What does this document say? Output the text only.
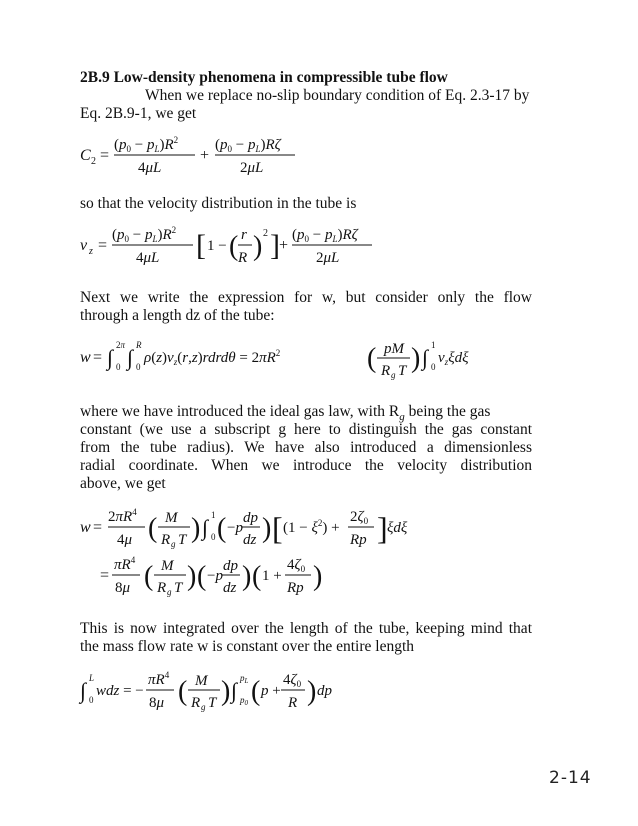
2B.9 Low-density phenomena in compressible tube flow

When we replace no-slip boundary condition of Eq. 2.3-17 by

Eq. 2B.9-1, we get

C 2 =
$(p_0 - p_L)R^2$
4μL
+
$(p_0 - p_L)R\zeta$
2μL

so that the velocity distribution in the tube is

v z =
$(p_0 - p_L)R^2$
4μL [ 1 − ( r
R ) 2 ] +
$(p_0 - p_L)R\zeta$
2μL

Next we write the expression for w, but consider only the flow

through a length dz of the tube:

w = ∫ 2π
0 ∫ R
0
$\rho(z)v_z(r,z)rdrd\theta = 2\pi R^2$	( pM
R g T ) ∫ 1
0
$v_z\xi d\xi$

where we have introduced the ideal gas law, with $R_g$ being the gas

constant (we use a subscript g here to distinguish the gas constant

from the tube radius). We have also introduced a dimensionless

radial coordinate. When we introduce the velocity distribution

above, we get

w =
$2\pi R^4$
4μ ( M
R g T ) ∫ 1
0 ( −p
dp
dz ) [ $(1 - \xi^2)$ +
$2\zeta_0$
Rp ] ξdξ
=
$\pi R^4$
8μ ( M
R g T ) ( −p
dp
dz ) ( 1 +
$4\zeta_0$
Rp )

This is now integrated over the length of the tube, keeping mind that

the mass flow rate w is constant over the entire length

∫ L
0
wdz = −
$\pi R^4$
8μ ( M
R g T ) ∫ $p_L$
$p_0$ ( p +
$4\zeta_0$
R ) dp
2-14
